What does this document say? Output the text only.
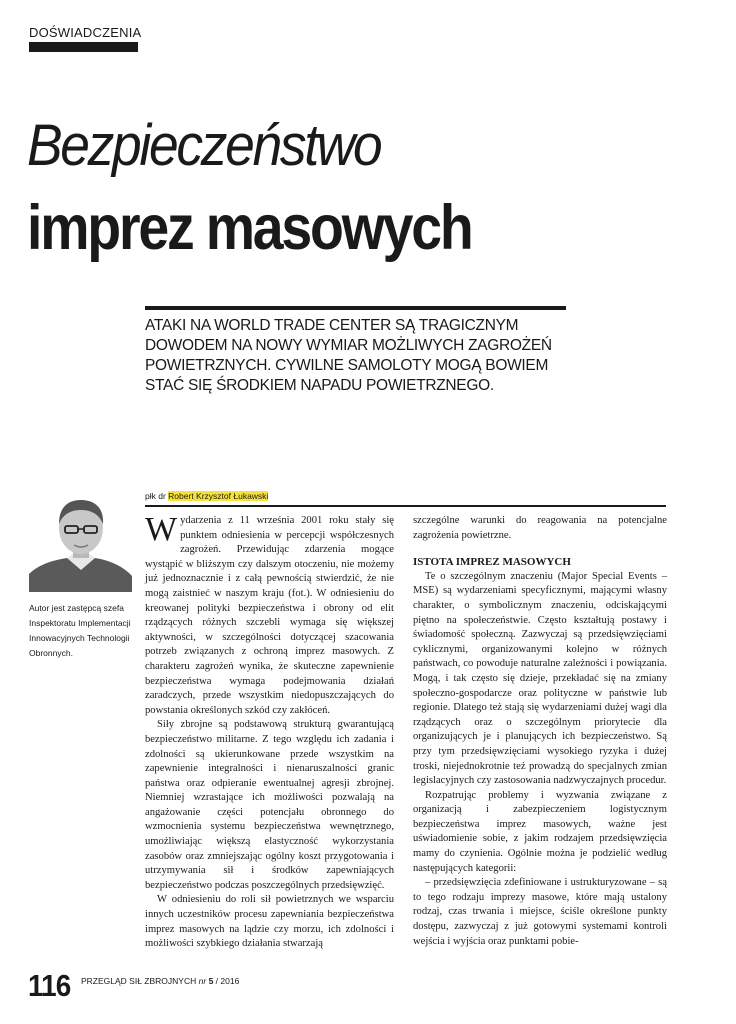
DOŚWIADCZENIA
Bezpieczeństwo
imprez masowych
ATAKI NA WORLD TRADE CENTER SĄ TRAGICZNYM DOWODEM NA NOWY WYMIAR MOŻLIWYCH ZAGROŻEŃ POWIETRZNYCH. CYWILNE SAMOLOTY MOGĄ BOWIEM STAĆ SIĘ ŚRODKIEM NAPADU POWIETRZNEGO.
płk dr Robert Krzysztof Łukawski
Autor jest zastępcą szefa Inspektoratu Implementacji Innowacyjnych Technologii Obronnych.

Wydarzenia z 11 września 2001 roku stały się punktem odniesienia w percepcji współczesnych zagrożeń. Przewidując zdarzenia mogące wystąpić w bliższym czy dalszym otoczeniu, nie możemy już jednoznacznie i z całą pewnością stwierdzić, że nie mogą zaistnieć w naszym kraju (fot.). W odniesieniu do kreowanej polityki bezpieczeństwa i obrony od elit rządzących różnych szczebli wymaga się większej aktywności, w szczególności dotyczącej szacowania potrzeb związanych z ochroną imprez masowych. Z charakteru zagrożeń wynika, że skuteczne zapewnienie bezpieczeństwa wymaga podejmowania działań zaradczych, przede wszystkim niedopuszczających do powstania określonych szkód czy zakłóceń.

Siły zbrojne są podstawową strukturą gwarantującą bezpieczeństwo militarne. Z tego względu ich zadania i zdolności są ukierunkowane przede wszystkim na zapewnienie integralności i nienaruszalności granic państwa oraz odpieranie ewentualnej agresji zbrojnej. Niemniej wzrastające ich możliwości pozwalają na angażowanie części potencjału obronnego do wzmocnienia systemu bezpieczeństwa wewnętrznego, umożliwiając większą elastyczność wykorzystania zasobów oraz zmniejszając ogólny koszt przygotowania i utrzymywania sił i środków zapewniających bezpieczeństwo podczas poszczególnych przedsięwzięć.

W odniesieniu do roli sił powietrznych we wsparciu innych uczestników procesu zapewniania bezpieczeństwa imprez masowych na lądzie czy morzu, ich zdolności i możliwości szybkiego działania stwarzają

szczególne warunki do reagowania na potencjalne zagrożenia powietrzne.

ISTOTA IMPREZ MASOWYCH

Te o szczególnym znaczeniu (Major Special Events – MSE) są wydarzeniami specyficznymi, mającymi własny charakter, o symbolicznym znaczeniu, odciskającymi piętno na społeczeństwie. Często kształtują postawy i świadomość społeczną. Zazwyczaj są przedsięwzięciami cyklicznymi, organizowanymi kolejno w różnych państwach, co powoduje naturalne zależności i powiązania. Mogą, i tak często się dzieje, przekładać się na zmiany społeczno-gospodarcze oraz polityczne w państwie lub regionie. Dlatego też stają się wydarzeniami dużej wagi dla rządzących oraz o szczególnym priorytecie dla organizujących je i planujących ich bezpieczeństwo. Są przy tym przedsięwzięciami wysokiego ryzyka i dużej troski, niejednokrotnie też prowadzą do specjalnych zmian legislacyjnych czy zastosowania nadzwyczajnych procedur.

Rozpatrując problemy i wyzwania związane z organizacją i zabezpieczeniem logistycznym bezpieczeństwa imprez masowych, ważne jest uświadomienie sobie, z jakim rodzajem przedsięwzięcia mamy do czynienia. Ogólnie można je podzielić według następujących kategorii:

– przedsięwzięcia zdefiniowane i ustrukturyzowane – są to tego rodzaju imprezy masowe, które mają ustalony rodzaj, czas trwania i miejsce, ściśle określone punkty dostępu, zazwyczaj z już gotowymi systemami kontroli wejścia i wyjścia oraz punktami pobie-

116 PRZEGLĄD SIŁ ZBROJNYCH nr 5 / 2016
